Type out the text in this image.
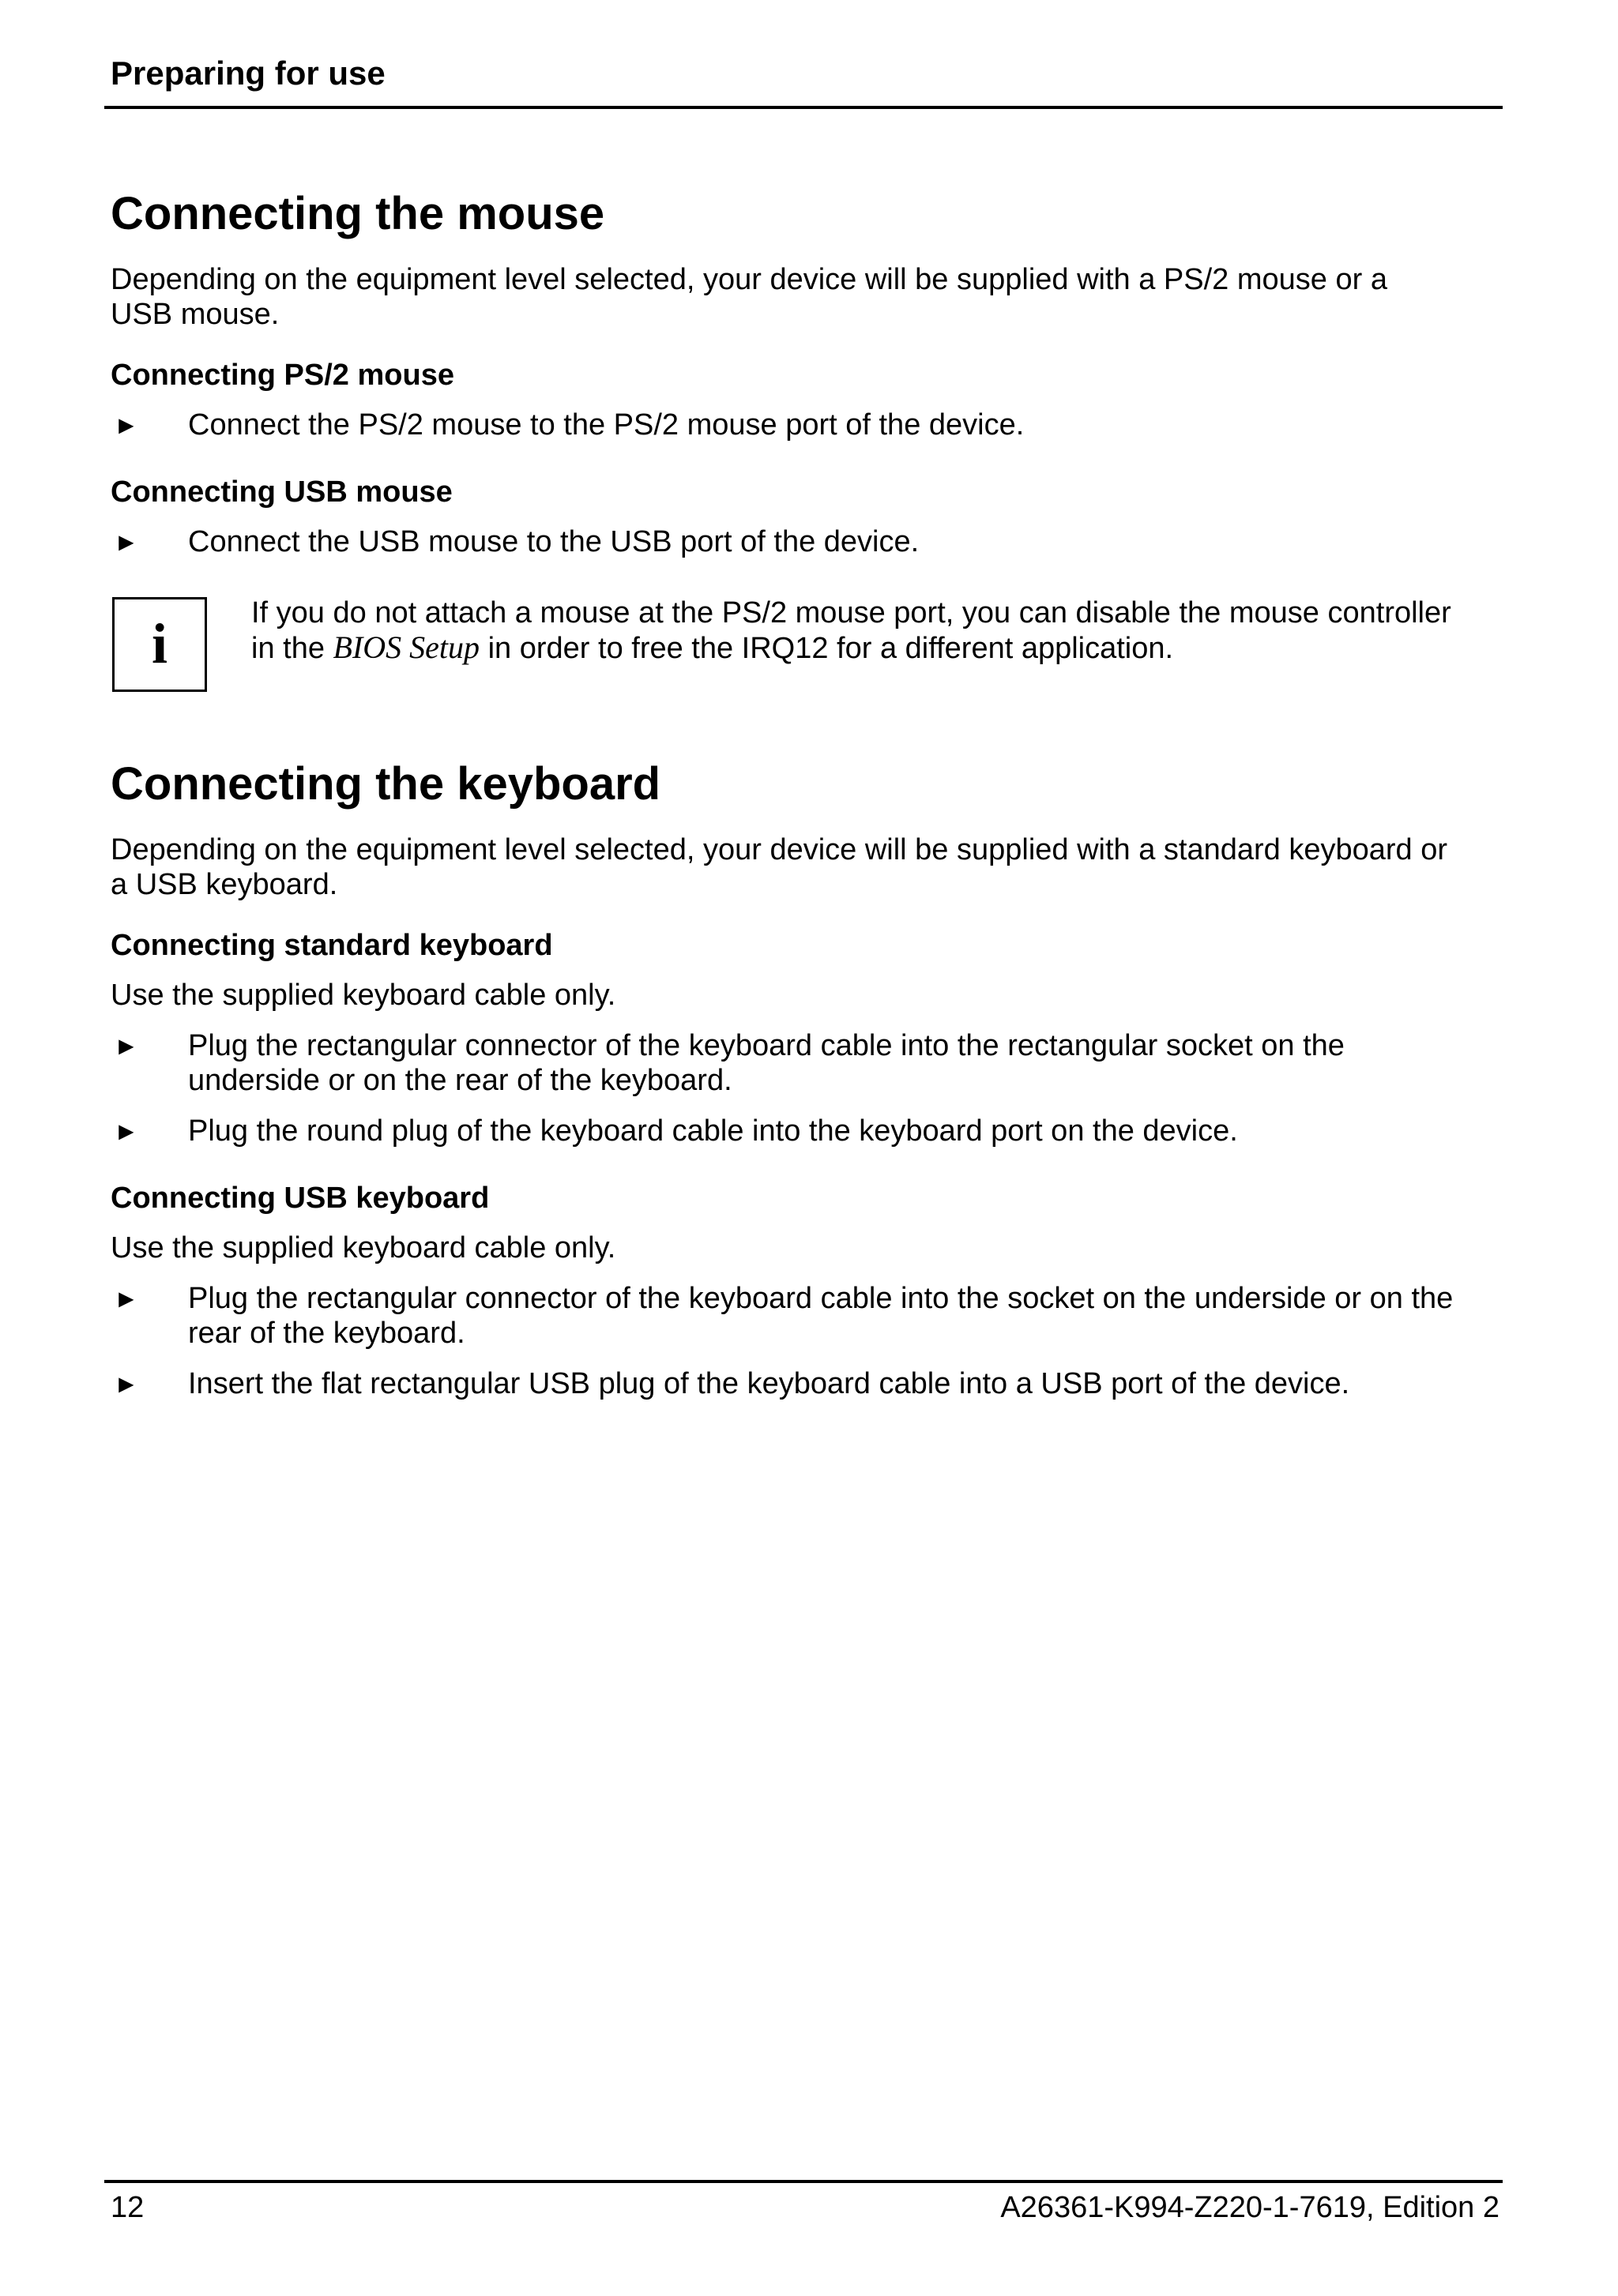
Preparing for use
Connecting the mouse

Depending on the equipment level selected, your device will be supplied with a PS/2 mouse or a
USB mouse.

Connecting PS/2 mouse
► Connect the PS/2 mouse to the PS/2 mouse port of the device.
Connecting USB mouse
► Connect the USB mouse to the USB port of the device.
i	If you do not attach a mouse at the PS/2 mouse port, you can disable the mouse controller
in the BIOS Setup in order to free the IRQ12 for a different application.
Connecting the keyboard

Depending on the equipment level selected, your device will be supplied with a standard keyboard or
a USB keyboard.

Connecting standard keyboard

Use the supplied keyboard cable only.

► Plug the rectangular connector of the keyboard cable into the rectangular socket on the
underside or on the rear of the keyboard.
► Plug the round plug of the keyboard cable into the keyboard port on the device.
Connecting USB keyboard

Use the supplied keyboard cable only.

► Plug the rectangular connector of the keyboard cable into the socket on the underside or on the
rear of the keyboard.
► Insert the flat rectangular USB plug of the keyboard cable into a USB port of the device.
12	A26361-K994-Z220-1-7619, Edition 2
